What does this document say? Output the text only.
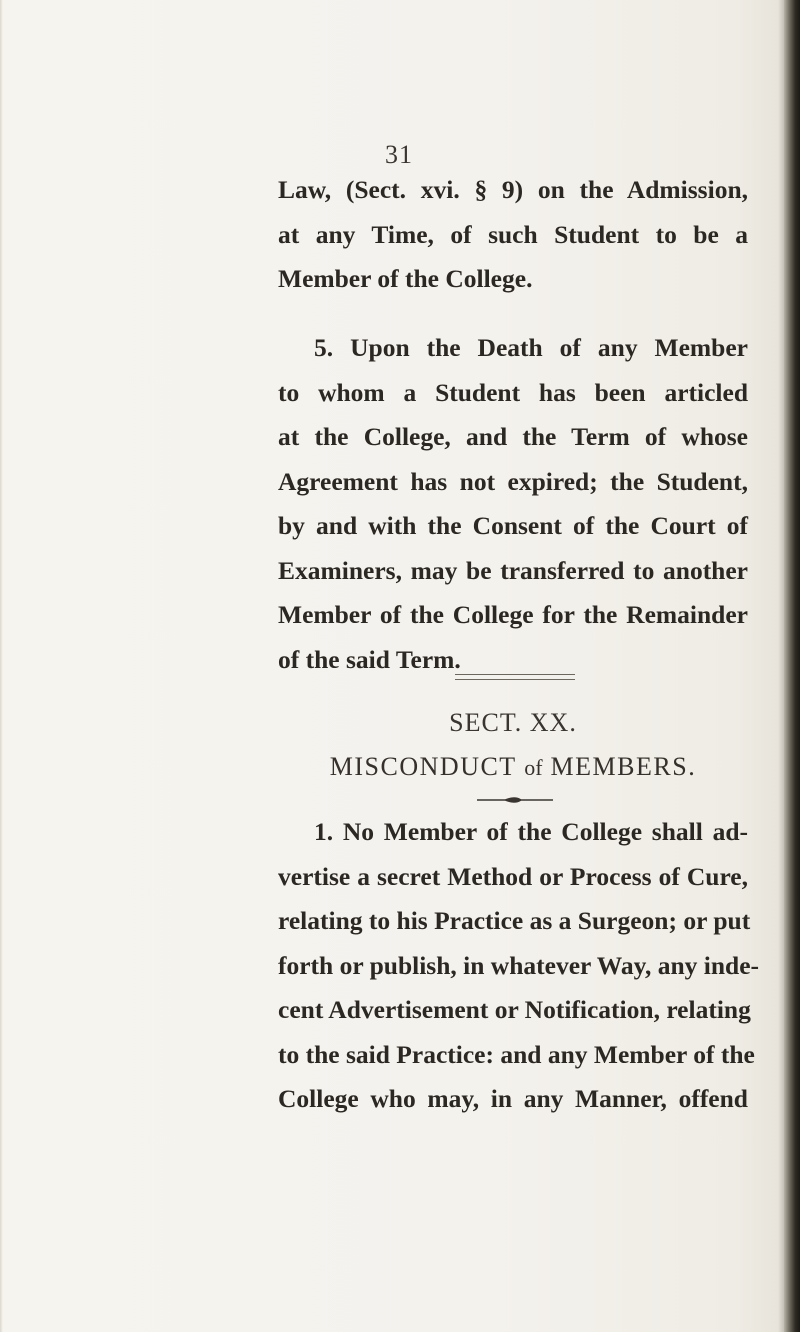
31
Law, (Sect. xvi. § 9) on the Admission,
at any Time, of such Student to be a
Member of the College.
5. Upon the Death of any Member
to whom a Student has been articled
at the College, and the Term of whose
Agreement has not expired; the Student,
by and with the Consent of the Court of
Examiners, may be transferred to another
Member of the College for the Remainder
of the said Term.
SECT. XX.
MISCONDUCT of MEMBERS.
1. No Member of the College shall ad-
vertise a secret Method or Process of Cure,
relating to his Practice as a Surgeon; or put
forth or publish, in whatever Way, any inde-
cent Advertisement or Notification, relating
to the said Practice: and any Member of the
College who may, in any Manner, offend
